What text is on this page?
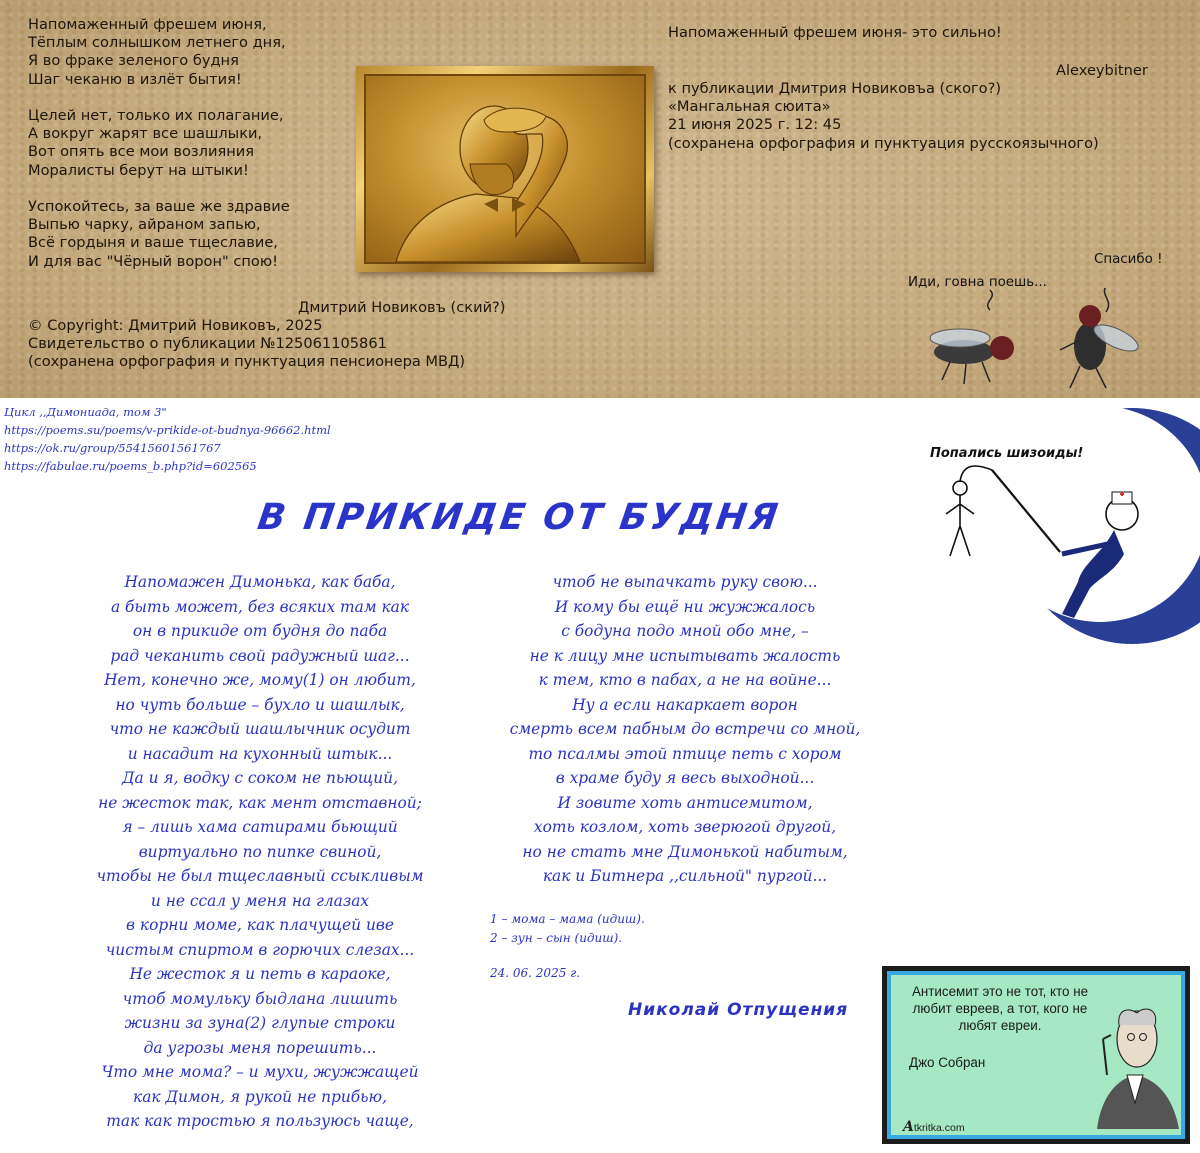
Напомаженный фрешем июня,
Тёплым солнышком летнего дня,
Я во фраке зеленого будня
Шаг чеканю в излёт бытия!

Целей нет, только их полагание,
А вокруг жарят все шашлыки,
Вот опять все мои возлияния
Моралисты берут на штыки!

Успокойтесь, за ваше же здравие
Выпью чарку, айраном запью,
Всё гордыня и ваше тщеславие,
И для вас "Чёрный ворон" спою!
Дмитрий Новиковъ (ский?)
© Copyright: Дмитрий Новиковъ, 2025
Свидетельство о публикации №125061105861
(сохранена орфография и пунктуация пенсионера МВД)
Напомаженный фрешем июня- это сильно!
Alexeybitner
к публикации Дмитрия Новиковъа (ского?)
«Мангальная сюита»
21 июня 2025 г. 12: 45
(сохранена орфография и пунктуация русскоязычного)
Иди, говна поешь...
Спасибо !
Цикл ,,Димониада, том 3"
https://poems.su/poems/v-prikide-ot-budnya-96662.html
https://ok.ru/group/55415601561767
https://fabulae.ru/poems_b.php?id=602565
В ПРИКИДЕ ОТ БУДНЯ
Напомажен Димонька, как баба,
а быть может, без всяких там как
он в прикиде от будня до паба
рад чеканить свой радужный шаг...
Нет, конечно же, мому(1) он любит,
но чуть больше – бухло и шашлык,
что не каждый шашлычник осудит
и насадит на кухонный штык...
Да и я, водку с соком не пьющий,
не жесток так, как мент отставной;
я – лишь хама сатирами бьющий
виртуально по пипке свиной,
чтобы не был тщеславный ссыкливым
и не ссал у меня на глазах
в корни моме, как плачущей иве
чистым спиртом в горючих слезах...
Не жесток я и петь в караоке,
чтоб момульку быдлана лишить
жизни за зуна(2) глупые строки
да угрозы меня порешить...
Что мне мома? – и мухи, жужжащей
как Димон, я рукой не прибью,
так как тростью я пользуюсь чаще,
чтоб не выпачкать руку свою...
И кому бы ещё ни жужжалось
с бодуна подо мной обо мне, –
не к лицу мне испытывать жалость
к тем, кто в пабах, а не на войне...
Ну а если накаркает ворон
смерть всем пабным до встречи со мной,
то псалмы этой птице петь с хором
в храме буду я весь выходной...
И зовите хоть антисемитом,
хоть козлом, хоть зверюгой другой,
но не стать мне Димонькой набитым,
как и Битнера ,,сильной" пургой...
1 – мома – мама (идиш).
2 – зун – сын (идиш).
24. 06. 2025 г.
Николай Отпущения
Попались шизоиды!
Антисемит это не тот, кто не любит евреев, а тот, кого не любят евреи.
Джо Собран
Atkritka.com
